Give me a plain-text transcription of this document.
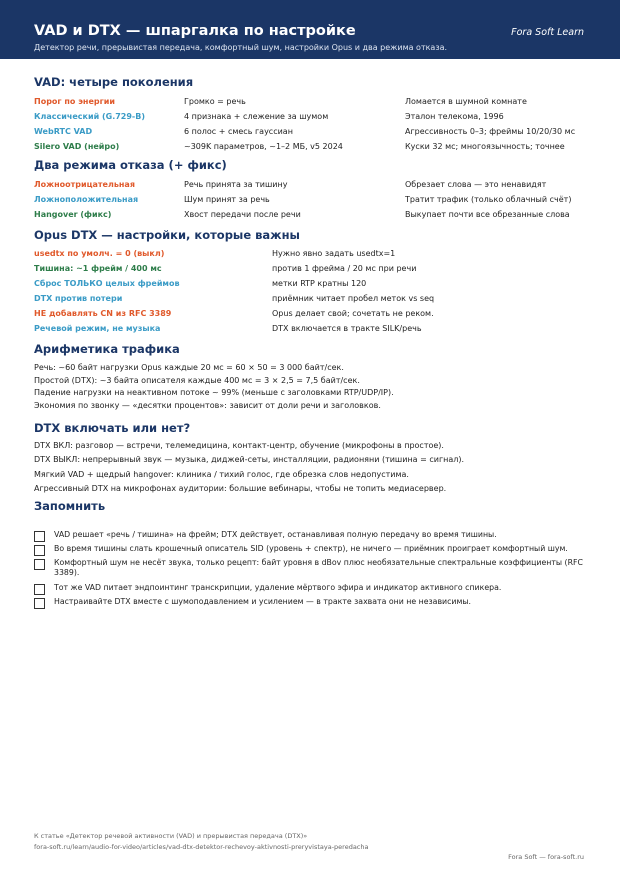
VAD и DTX — шпаргалка по настройке	Fora Soft Learn
Детектор речи, прерывистая передача, комфортный шум, настройки Opus и два режима отказа.
VAD: четыре поколения
Порог по энергии	Громко = речь	Ломается в шумной комнате
Классический (G.729-B)	4 признака + слежение за шумом	Эталон телекома, 1996
WebRTC VAD	6 полос + смесь гауссиан	Агрессивность 0–3; фреймы 10/20/30 мс
Silero VAD (нейро)	~309K параметров, ~1–2 МБ, v5 2024	Куски 32 мс; многоязычность; точнее
Два режима отказа (+ фикс)
Ложноотрицательная	Речь принята за тишину	Обрезает слова — это ненавидят
Ложноположительная	Шум принят за речь	Тратит трафик (только облачный счёт)
Hangover (фикс)	Хвост передачи после речи	Выкупает почти все обрезанные слова
Opus DTX — настройки, которые важны
usedtx по умолч. = 0 (выкл)	Нужно явно задать usedtx=1
Тишина: ~1 фрейм / 400 мс	против 1 фрейма / 20 мс при речи
Сброс ТОЛЬКО целых фреймов	метки RTP кратны 120
DTX против потери	приёмник читает пробел меток vs seq
НЕ добавлять CN из RFC 3389	Opus делает свой; сочетать не реком.
Речевой режим, не музыка	DTX включается в тракте SILK/речь
Арифметика трафика
Речь: ~60 байт нагрузки Opus каждые 20 мс = 60 × 50 = 3 000 байт/сек.
Простой (DTX): ~3 байта описателя каждые 400 мс = 3 × 2,5 = 7,5 байт/сек.
Падение нагрузки на неактивном потоке ~ 99% (меньше с заголовками RTP/UDP/IP).
Экономия по звонку — «десятки процентов»: зависит от доли речи и заголовков.
DTX включать или нет?
DTX ВКЛ: разговор — встречи, телемедицина, контакт-центр, обучение (микрофоны в простое).
DTX ВЫКЛ: непрерывный звук — музыка, диджей-сеты, инсталляции, радионяни (тишина = сигнал).
Мягкий VAD + щедрый hangover: клиника / тихий голос, где обрезка слов недопустима.
Агрессивный DTX на микрофонах аудитории: большие вебинары, чтобы не топить медиасервер.
Запомнить
VAD решает «речь / тишина» на фрейм; DTX действует, останавливая полную передачу во время тишины.
Во время тишины слать крошечный описатель SID (уровень + спектр), не ничего — приёмник проиграет комфортный шум.
Комфортный шум не несёт звука, только рецепт: байт уровня в dBov плюс необязательные спектральные коэффициенты (RFC 3389).
Тот же VAD питает эндпоинтинг транскрипции, удаление мёртвого эфира и индикатор активного спикера.
Настраивайте DTX вместе с шумоподавлением и усилением — в тракте захвата они не независимы.
К статье «Детектор речевой активности (VAD) и прерывистая передача (DTX)»
fora-soft.ru/learn/audio-for-video/articles/vad-dtx-detektor-rechevoy-aktivnosti-preryvistaya-peredacha
Fora Soft — fora-soft.ru
